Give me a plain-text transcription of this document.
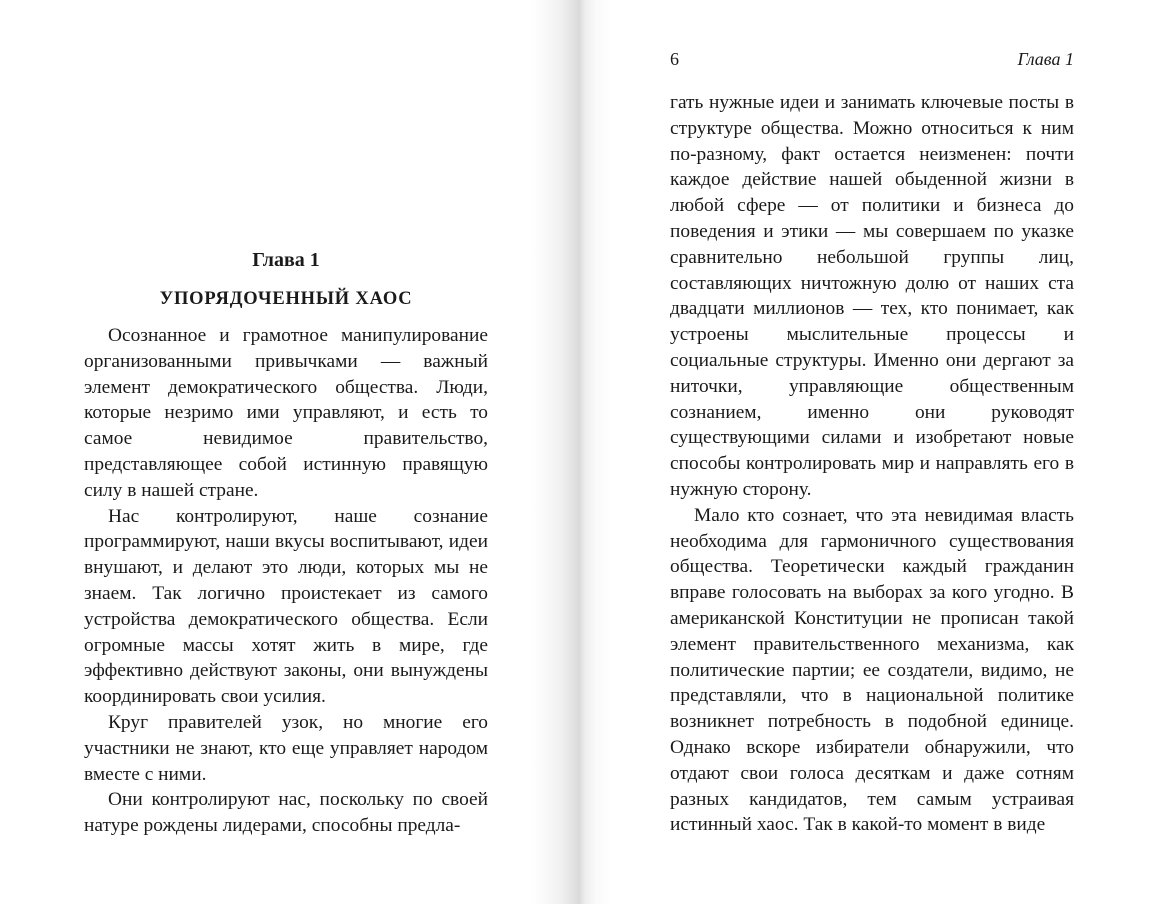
Глава 1

УПОРЯДОЧЕННЫЙ ХАОС

Осознанное и грамотное манипулирование организованными привычками — важный элемент демократического общества. Люди, которые незримо ими управляют, и есть то самое невидимое правительство, представляющее собой истинную правящую силу в нашей стране.

Нас контролируют, наше сознание программируют, наши вкусы воспитывают, идеи внушают, и делают это люди, которых мы не знаем. Так логично проистекает из самого устройства демократического общества. Если огромные массы хотят жить в мире, где эффективно действуют законы, они вынуждены координировать свои усилия.

Круг правителей узок, но многие его участники не знают, кто еще управляет народом вместе с ними.

Они контролируют нас, поскольку по своей натуре рождены лидерами, способны предла-

6	Глава 1

гать нужные идеи и занимать ключевые посты в структуре общества. Можно относиться к ним по-разному, факт остается неизменен: почти каждое действие нашей обыденной жизни в любой сфере — от политики и бизнеса до поведения и этики — мы совершаем по указке сравнительно небольшой группы лиц, составляющих ничтожную долю от наших ста двадцати миллионов — тех, кто понимает, как устроены мыслительные процессы и социальные структуры. Именно они дергают за ниточки, управляющие общественным сознанием, именно они руководят существующими силами и изобретают новые способы контролировать мир и направлять его в нужную сторону.

Мало кто сознает, что эта невидимая власть необходима для гармоничного существования общества. Теоретически каждый гражданин вправе голосовать на выборах за кого угодно. В американской Конституции не прописан такой элемент правительственного механизма, как политические партии; ее создатели, видимо, не представляли, что в национальной политике возникнет потребность в подобной единице. Однако вскоре избиратели обнаружили, что отдают свои голоса десяткам и даже сотням разных кандидатов, тем самым устраивая истинный хаос. Так в какой-то момент в виде
